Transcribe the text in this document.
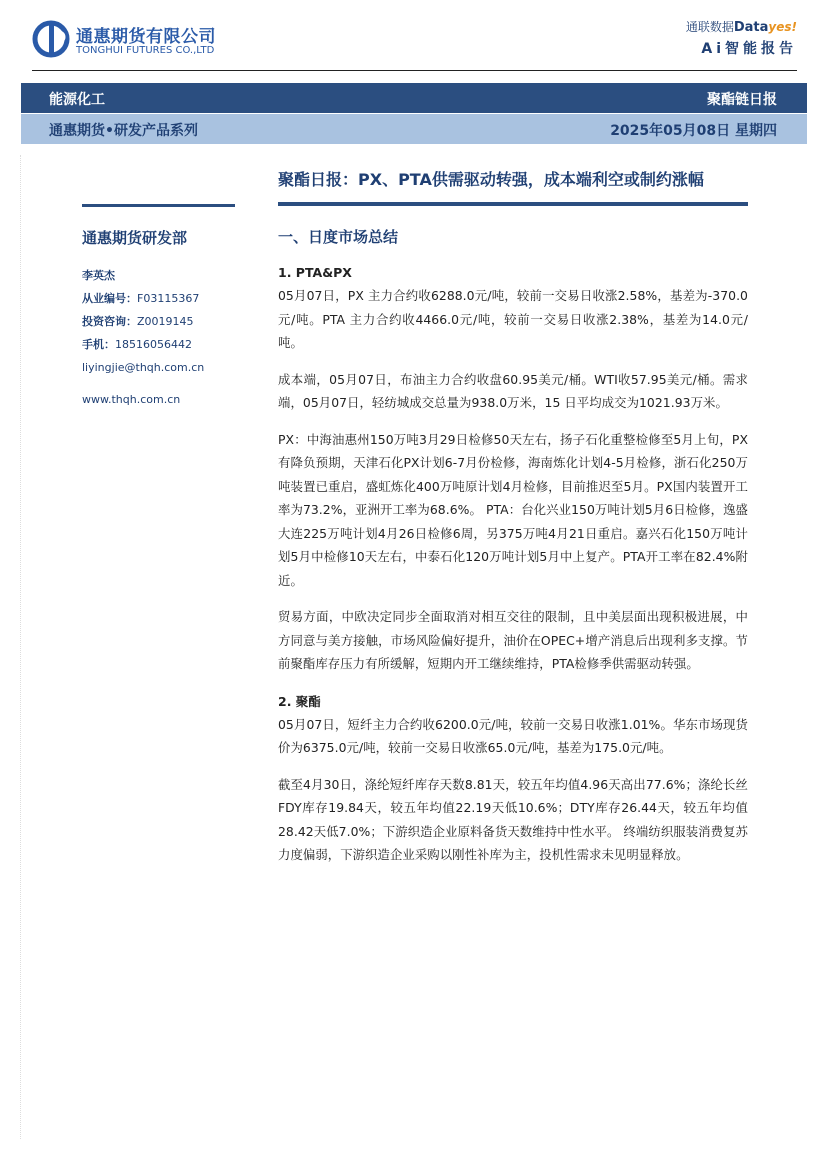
通惠期货有限公司
TONGHUI FUTURES CO.,LTD
通联数据Datayes!
Ai智能报告
能源化工	聚酯链日报
通惠期货•研发产品系列	2025年05月08日 星期四
通惠期货研发部
李英杰
从业编号：F03115367
投资咨询：Z0019145
手机：18516056442
liyingjie@thqh.com.cn
www.thqh.com.cn
聚酯日报：PX、PTA供需驱动转强，成本端利空或制约涨幅
一、日度市场总结
1. PTA&PX

05月07日，PX 主力合约收6288.0元/吨，较前一交易日收涨2.58%，基差为-370.0元/吨。PTA 主力合约收4466.0元/吨，较前一交易日收涨2.38%，基差为14.0元/吨。

成本端，05月07日，布油主力合约收盘60.95美元/桶。WTI收57.95美元/桶。需求端，05月07日，轻纺城成交总量为938.0万米，15 日平均成交为1021.93万米。

PX：中海油惠州150万吨3月29日检修50天左右，扬子石化重整检修至5月上旬，PX有降负预期，天津石化PX计划6-7月份检修，海南炼化计划4-5月检修，浙石化250万吨装置已重启，盛虹炼化400万吨原计划4月检修，目前推迟至5月。PX国内装置开工率为73.2%，亚洲开工率为68.6%。 PTA：台化兴业150万吨计划5月6日检修，逸盛大连225万吨计划4月26日检修6周，另375万吨4月21日重启。嘉兴石化150万吨计划5月中检修10天左右，中泰石化120万吨计划5月中上复产。PTA开工率在82.4%附近。

贸易方面，中欧决定同步全面取消对相互交往的限制，且中美层面出现积极进展，中方同意与美方接触，市场风险偏好提升，油价在OPEC+增产消息后出现利多支撑。节前聚酯库存压力有所缓解，短期内开工继续维持，PTA检修季供需驱动转强。

2. 聚酯

05月07日，短纤主力合约收6200.0元/吨，较前一交易日收涨1.01%。华东市场现货价为6375.0元/吨，较前一交易日收涨65.0元/吨，基差为175.0元/吨。

截至4月30日，涤纶短纤库存天数8.81天，较五年均值4.96天高出77.6%；涤纶长丝FDY库存19.84天，较五年均值22.19天低10.6%；DTY库存26.44天，较五年均值28.42天低7.0%；下游织造企业原料备货天数维持中性水平。 终端纺织服装消费复苏力度偏弱，下游织造企业采购以刚性补库为主，投机性需求未见明显释放。
